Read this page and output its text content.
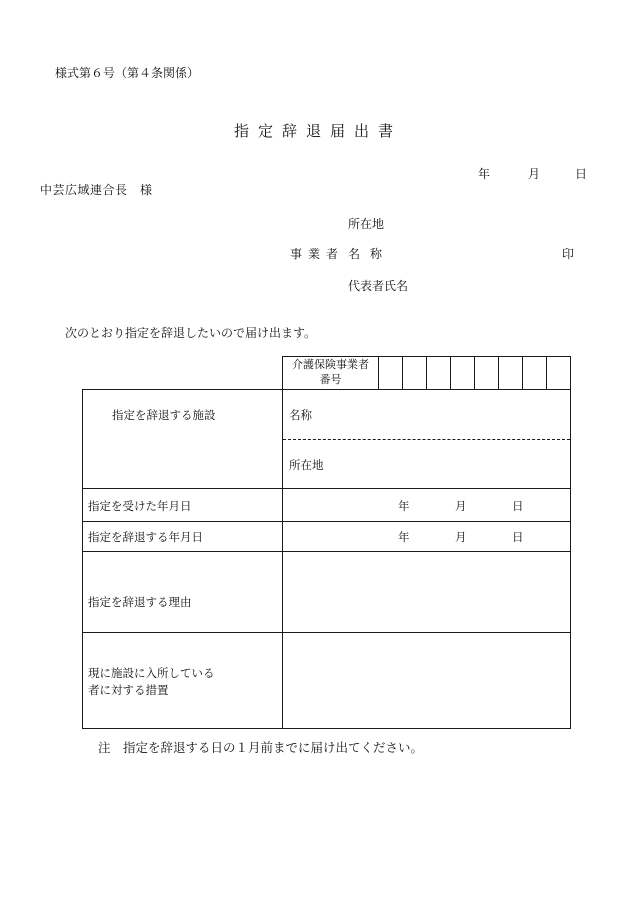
様式第６号（第４条関係）
指定辞退届出書
年	月	日
中芸広域連合長　様
所在地
事業者 名称	印
代表者氏名
次のとおり指定を辞退したいので届け出ます。
介護保険事業者
番号
指定を辞退する施設	名称
所在地
指定を受けた年月日	年	月	日
指定を辞退する年月日	年	月	日
指定を辞退する理由
現に施設に入所している
者に対する措置
注　指定を辞退する日の１月前までに届け出てください。
